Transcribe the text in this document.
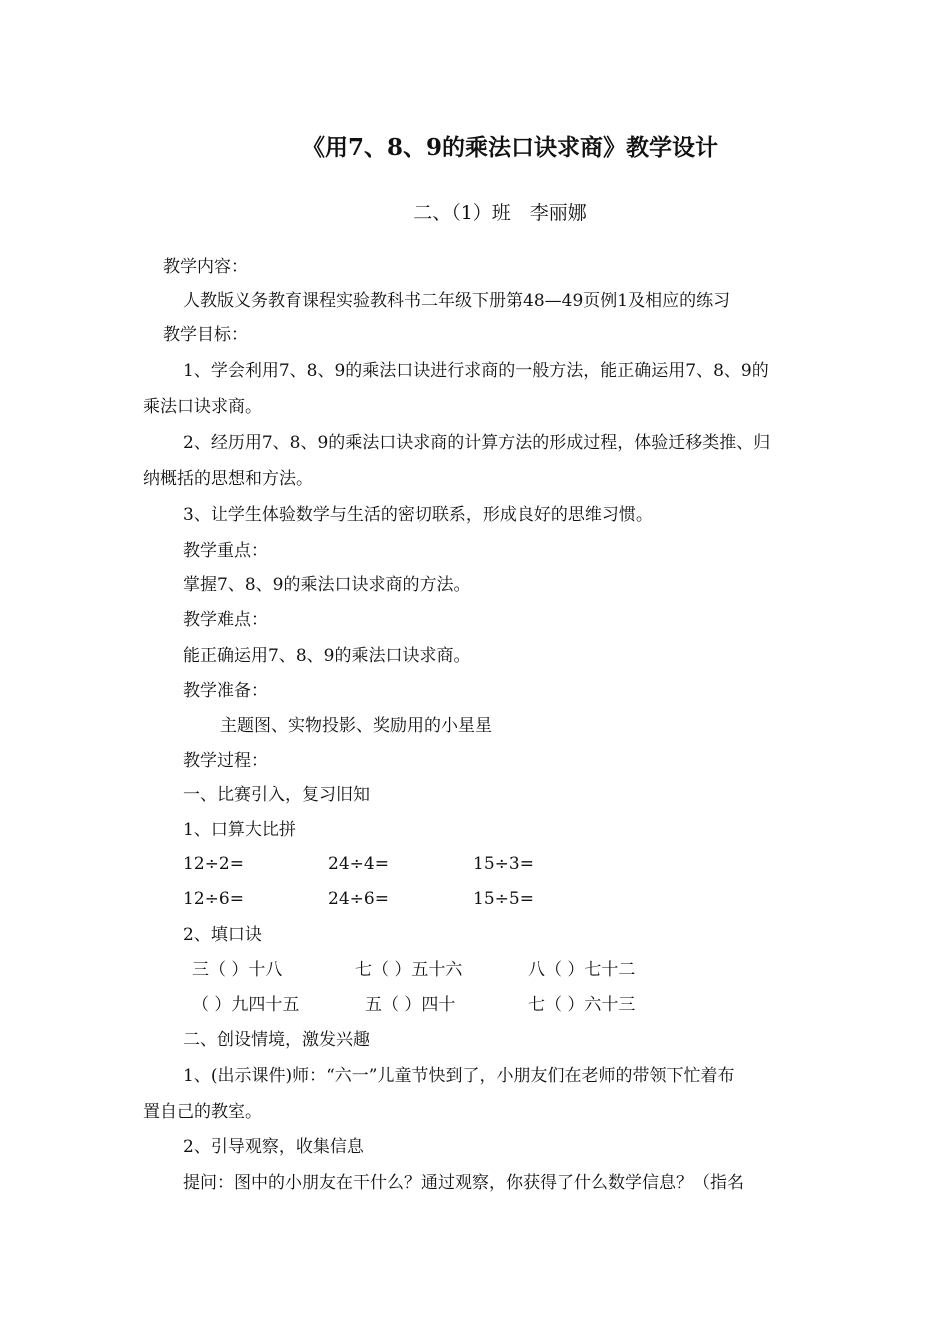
《用7、8、9的乘法口诀求商》教学设计
二、（1）班　李丽娜
教学内容：
人教版义务教育课程实验教科书二年级下册第48—49页例1及相应的练习
教学目标：
1、学会利用7、8、9的乘法口诀进行求商的一般方法，能正确运用7、8、9的
乘法口诀求商。
2、经历用7、8、9的乘法口诀求商的计算方法的形成过程，体验迁移类推、归
纳概括的思想和方法。
3、让学生体验数学与生活的密切联系，形成良好的思维习惯。
教学重点：
掌握7、8、9的乘法口诀求商的方法。
教学难点：
能正确运用7、8、9的乘法口诀求商。
教学准备：
主题图、实物投影、奖励用的小星星
教学过程：
一、比赛引入，复习旧知
1、口算大比拼
12÷2=	24÷4=	15÷3=
12÷6=	24÷6=	15÷5=
2、填口诀
三（ ）十八	七（ ）五十六	八（ ）七十二
（ ）九四十五	五（ ）四十	七（ ）六十三
二、创设情境，激发兴趣
1、(出示课件)师：“六一”儿童节快到了，小朋友们在老师的带领下忙着布
置自己的教室。
2、引导观察，收集信息
提问：图中的小朋友在干什么？通过观察，你获得了什么数学信息？（指名
